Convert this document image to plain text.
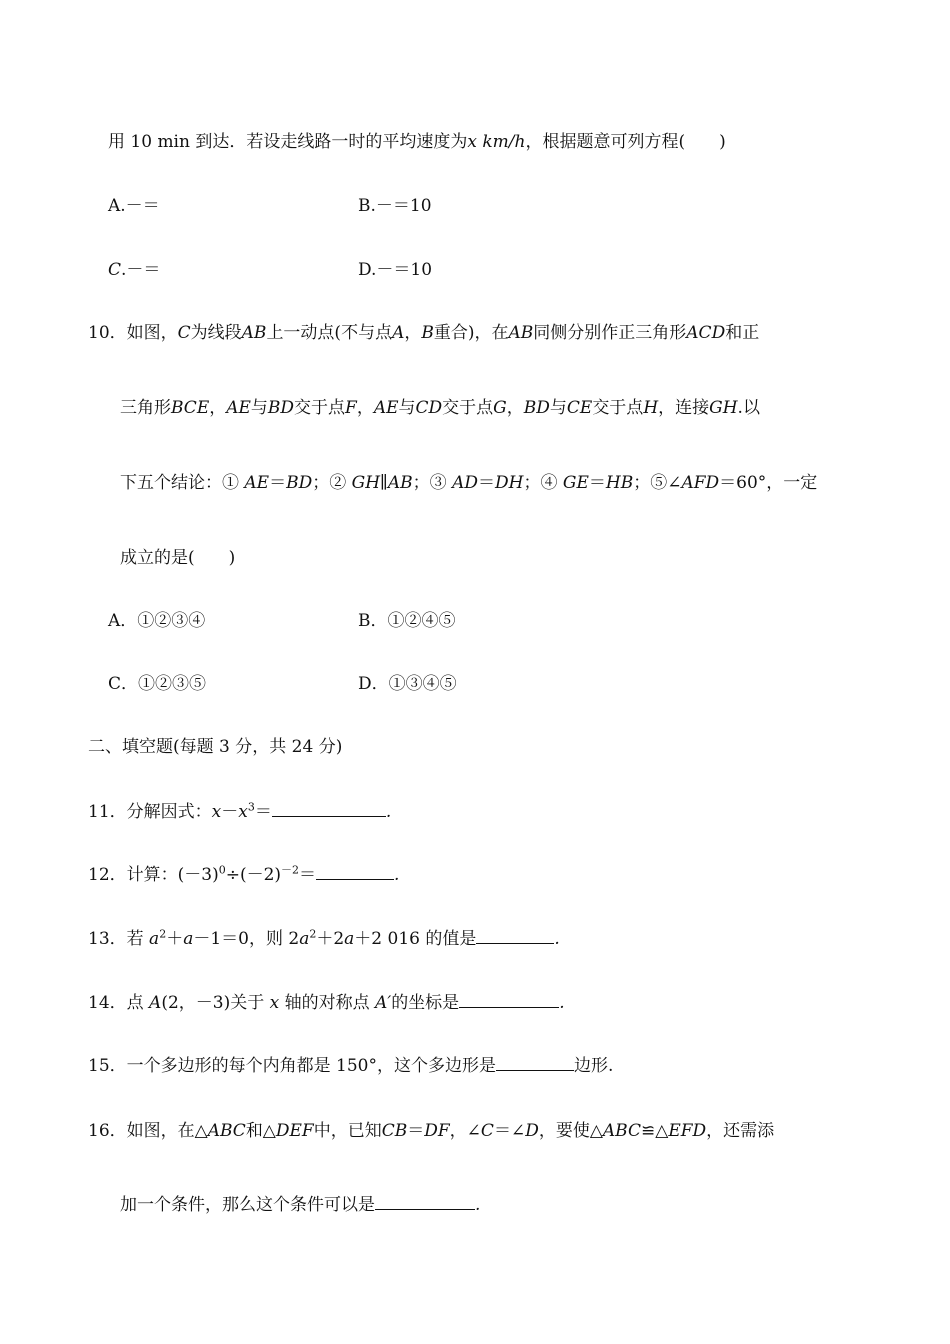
用 10 min 到达．若设走线路一时的平均速度为x km/h，根据题意可列方程(　　)
A.－＝	B.－＝10
C.－＝	D.－＝10
10．如图，C为线段AB上一动点(不与点A，B重合)，在AB同侧分别作正三角形ACD和正
三角形BCE，AE与BD交于点F，AE与CD交于点G，BD与CE交于点H，连接GH.以
下五个结论：① AE＝BD；② GH∥AB；③ AD＝DH；④ GE＝HB；⑤∠AFD＝60°，一定
成立的是(　　)
A．①②③④	B．①②④⑤
C．①②③⑤	D．①③④⑤
二、填空题(每题 3 分，共 24 分)
11．分解因式：$x-x^3=$	.
12．计算：$(-3)^0\div(-2)^{-2}=$	.
13．若 $a^2+a-1=0$，则 $2a^2+2a+2$ 016 的值是	.
14．点 A(2，－3)关于 x 轴的对称点 A′的坐标是	.
15．一个多边形的每个内角都是 150°，这个多边形是	边形.
16．如图，在△ABC和△DEF中，已知CB＝DF，∠C＝∠D，要使△ABC≌△EFD，还需添
加一个条件，那么这个条件可以是	.
